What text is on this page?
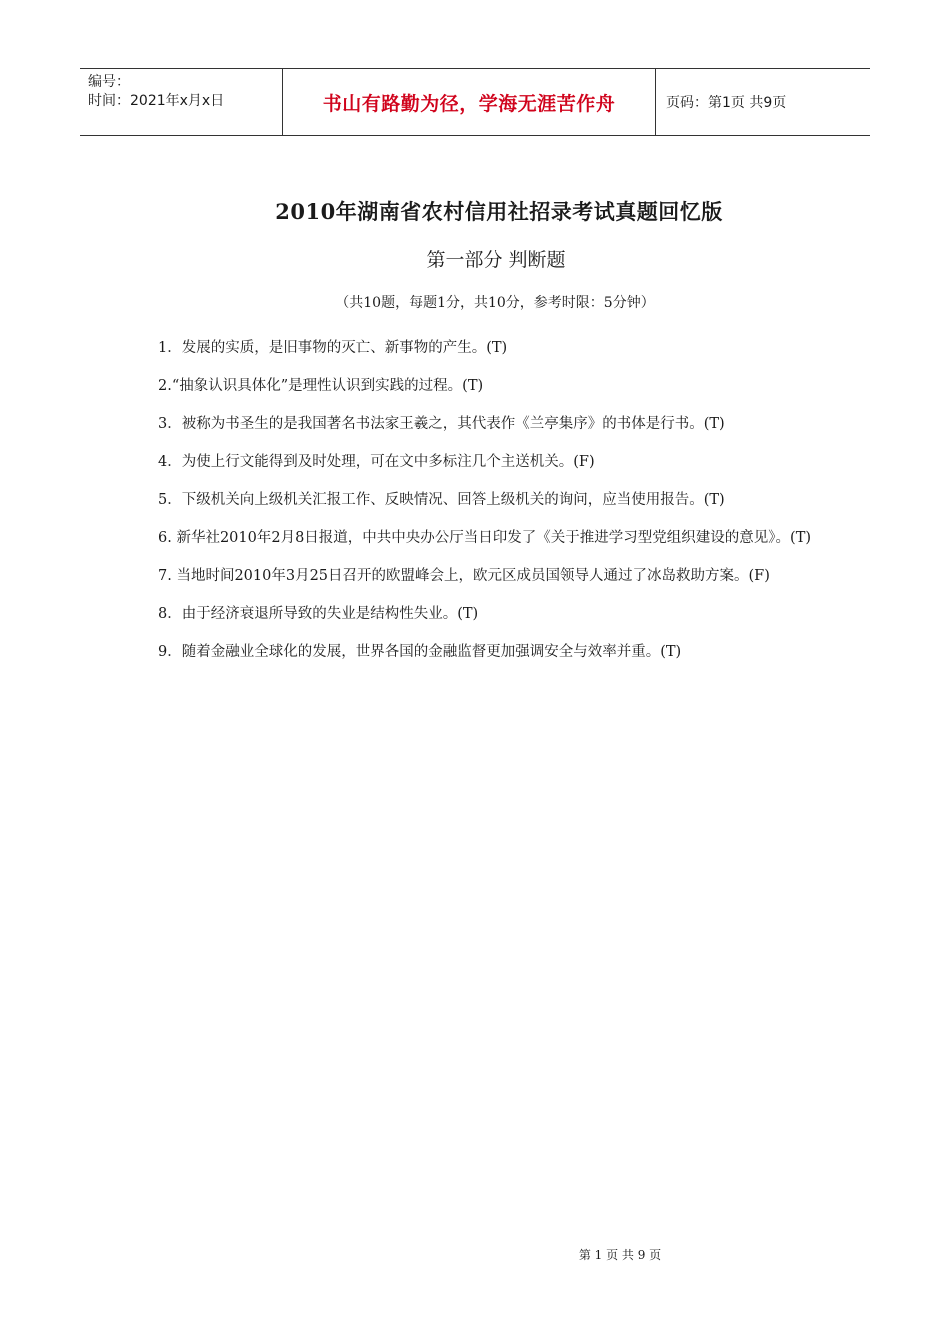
编号：
时间：2021年x月x日	书山有路勤为径，学海无涯苦作舟	页码：第1页 共9页
2010年湖南省农村信用社招录考试真题回忆版
第一部分 判断题
（共10题，每题1分，共10分，参考时限：5分钟）

1．发展的实质，是旧事物的灭亡、新事物的产生。(T)

2.“抽象认识具体化”是理性认识到实践的过程。(T)

3．被称为书圣生的是我国著名书法家王羲之，其代表作《兰亭集序》的书体是行书。(T)

4．为使上行文能得到及时处理，可在文中多标注几个主送机关。(F)

5．下级机关向上级机关汇报工作、反映情况、回答上级机关的询问，应当使用报告。(T)

6. 新华社2010年2月8日报道，中共中央办公厅当日印发了《关于推进学习型党组织建设的意见》。(T)

7. 当地时间2010年3月25日召开的欧盟峰会上，欧元区成员国领导人通过了冰岛救助方案。(F)

8．由于经济衰退所导致的失业是结构性失业。(T)

9．随着金融业全球化的发展，世界各国的金融监督更加强调安全与效率并重。(T)

第 1 页 共 9 页
